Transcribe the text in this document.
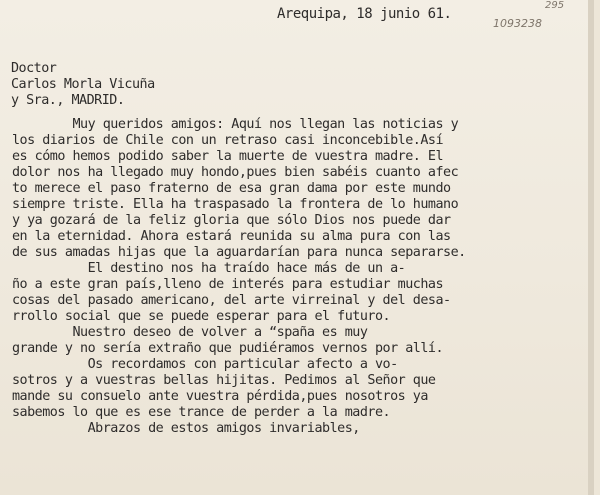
295
1093238
Arequipa, 18 junio 61.
Doctor
Carlos Morla Vicuña
y Sra., MADRID.
Muy queridos amigos: Aquí nos llegan las noticias y
los diarios de Chile con un retraso casi inconcebible.Así
es cómo hemos podido saber la muerte de vuestra madre. El
dolor nos ha llegado muy hondo,pues bien sabéis cuanto afec
to merece el paso fraterno de esa gran dama por este mundo
siempre triste. Ella ha traspasado la frontera de lo humano
y ya gozará de la feliz gloria que sólo Dios nos puede dar
en la eternidad. Ahora estará reunida su alma pura con las
de sus amadas hijas que la aguardarían para nunca separarse.
El destino nos ha traído hace más de un a-
ño a este gran país,lleno de interés para estudiar muchas
cosas del pasado americano, del arte virreinal y del desa-
rrollo social que se puede esperar para el futuro.
Nuestro deseo de volver a “spaña es muy
grande y no sería extraño que pudiéramos vernos por allí.
Os recordamos con particular afecto a vo-
sotros y a vuestras bellas hijitas. Pedimos al Señor que
mande su consuelo ante vuestra pérdida,pues nosotros ya
sabemos lo que es ese trance de perder a la madre.
Abrazos de estos amigos invariables,
